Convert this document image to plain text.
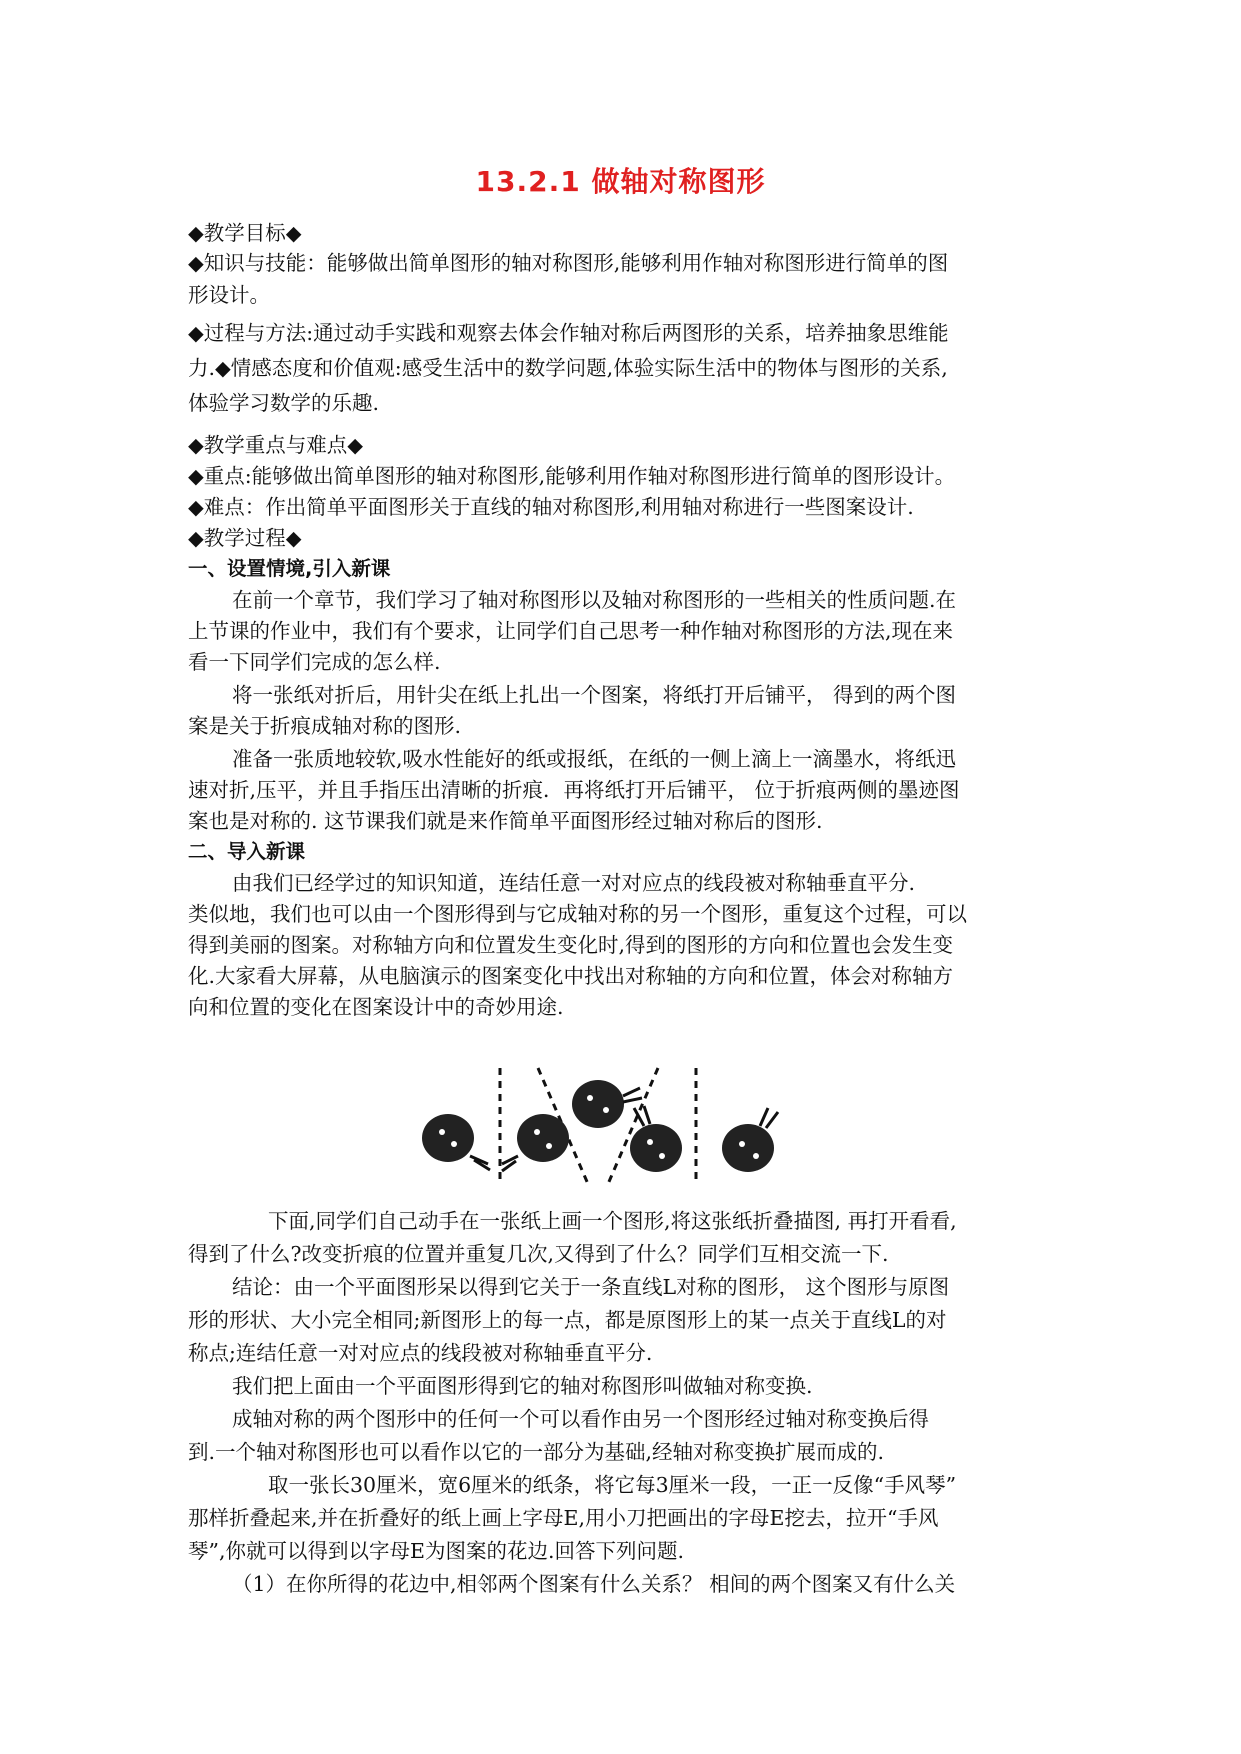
13.2.1 做轴对称图形
◆教学目标◆
◆知识与技能：能够做出简单图形的轴对称图形,能够利用作轴对称图形进行简单的图
形设计。
◆过程与方法:通过动手实践和观察去体会作轴对称后两图形的关系，培养抽象思维能
力.◆情感态度和价值观:感受生活中的数学问题,体验实际生活中的物体与图形的关系,
体验学习数学的乐趣.
◆教学重点与难点◆
◆重点:能够做出简单图形的轴对称图形,能够利用作轴对称图形进行简单的图形设计。
◆难点：作出简单平面图形关于直线的轴对称图形,利用轴对称进行一些图案设计.
◆教学过程◆
一、设置情境,引入新课
在前一个章节，我们学习了轴对称图形以及轴对称图形的一些相关的性质问题.在
上节课的作业中，我们有个要求，让同学们自己思考一种作轴对称图形的方法,现在来
看一下同学们完成的怎么样.
将一张纸对折后，用针尖在纸上扎出一个图案，将纸打开后铺平， 得到的两个图
案是关于折痕成轴对称的图形.
准备一张质地较软,吸水性能好的纸或报纸，在纸的一侧上滴上一滴墨水，将纸迅
速对折,压平，并且手指压出清晰的折痕．再将纸打开后铺平， 位于折痕两侧的墨迹图
案也是对称的. 这节课我们就是来作简单平面图形经过轴对称后的图形.
二、导入新课
由我们已经学过的知识知道，连结任意一对对应点的线段被对称轴垂直平分.
类似地，我们也可以由一个图形得到与它成轴对称的另一个图形，重复这个过程，可以
得到美丽的图案。对称轴方向和位置发生变化时,得到的图形的方向和位置也会发生变
化.大家看大屏幕，从电脑演示的图案变化中找出对称轴的方向和位置，体会对称轴方
向和位置的变化在图案设计中的奇妙用途.
下面,同学们自己动手在一张纸上画一个图形,将这张纸折叠描图, 再打开看看,
得到了什么?改变折痕的位置并重复几次,又得到了什么？同学们互相交流一下.
结论：由一个平面图形呆以得到它关于一条直线L对称的图形， 这个图形与原图
形的形状、大小完全相同;新图形上的每一点，都是原图形上的某一点关于直线L的对
称点;连结任意一对对应点的线段被对称轴垂直平分.
我们把上面由一个平面图形得到它的轴对称图形叫做轴对称变换.
成轴对称的两个图形中的任何一个可以看作由另一个图形经过轴对称变换后得
到.一个轴对称图形也可以看作以它的一部分为基础,经轴对称变换扩展而成的.
取一张长30厘米，宽6厘米的纸条，将它每3厘米一段，一正一反像“手风琴”
那样折叠起来,并在折叠好的纸上画上字母E,用小刀把画出的字母E挖去，拉开“手风
琴”,你就可以得到以字母E为图案的花边.回答下列问题.
（1）在你所得的花边中,相邻两个图案有什么关系？ 相间的两个图案又有什么关
